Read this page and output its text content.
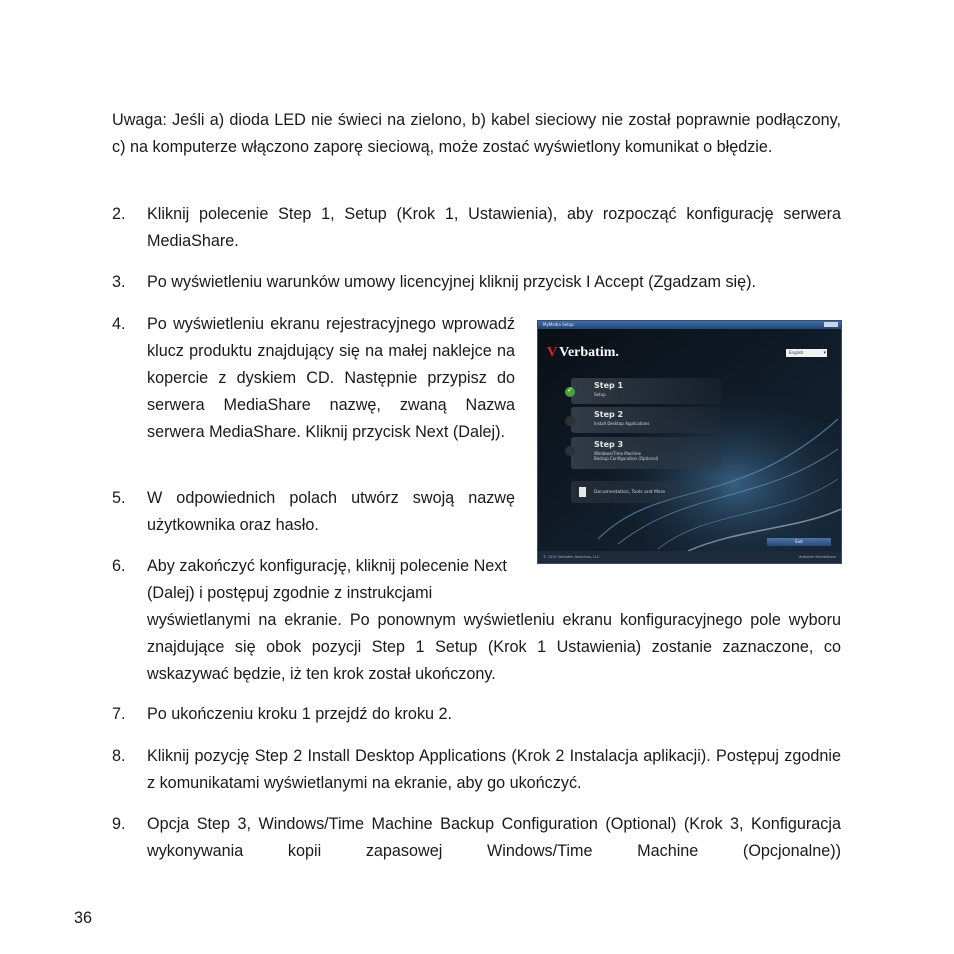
Uwaga: Jeśli a) dioda LED nie świeci na zielono, b) kabel sieciowy nie został poprawnie podłączony, c) na komputerze włączono zaporę sieciową, może zostać wyświetlony komunikat o błędzie.
2.	Kliknij polecenie Step 1, Setup (Krok 1, Ustawienia), aby rozpocząć konfigurację serwera MediaShare.
3.	Po wyświetleniu warunków umowy licencyjnej kliknij przycisk I Accept (Zgadzam się).
4.	Po wyświetleniu ekranu rejestracyjnego wprowadź klucz produktu znajdujący się na małej naklejce na kopercie z dyskiem CD. Następnie przypisz do serwera MediaShare nazwę, zwaną Nazwa serwera MediaShare. Kliknij przycisk Next (Dalej).
5.	W odpowiednich polach utwórz swoją nazwę użytkownika oraz hasło.
6.	Aby zakończyć konfigurację, kliknij polecenie Next (Dalej) i postępuj zgodnie z instrukcjami
wyświetlanymi na ekranie. Po ponownym wyświetleniu ekranu konfiguracyjnego pole wyboru znajdujące się obok pozycji Step 1 Setup (Krok 1 Ustawienia) zostanie zaznaczone, co wskazywać będzie, iż ten krok został ukończony.
7.	Po ukończeniu kroku 1 przejdź do kroku 2.
8.	Kliknij pozycję Step 2 Install Desktop Applications (Krok 2 Instalacja aplikacji). Postępuj zgodnie z komunikatami wyświetlanymi na ekranie, aby go ukończyć.
9.	Opcja Step 3, Windows/Time Machine Backup Configuration (Optional) (Krok 3, Konfiguracja wykonywania kopii zapasowej Windows/Time Machine (Opcjonalne))
MyMedia Setup
V Verbatim.	English	▾
✓
Step 1
Setup
Step 2
Install Desktop Applications
Step 3
Windows/Time Machine
Backup Configuration (Optional)
Documentation, Tools and More
Exit
© 2010 Verbatim Americas, LLC	Verbatim MediaShare
36
